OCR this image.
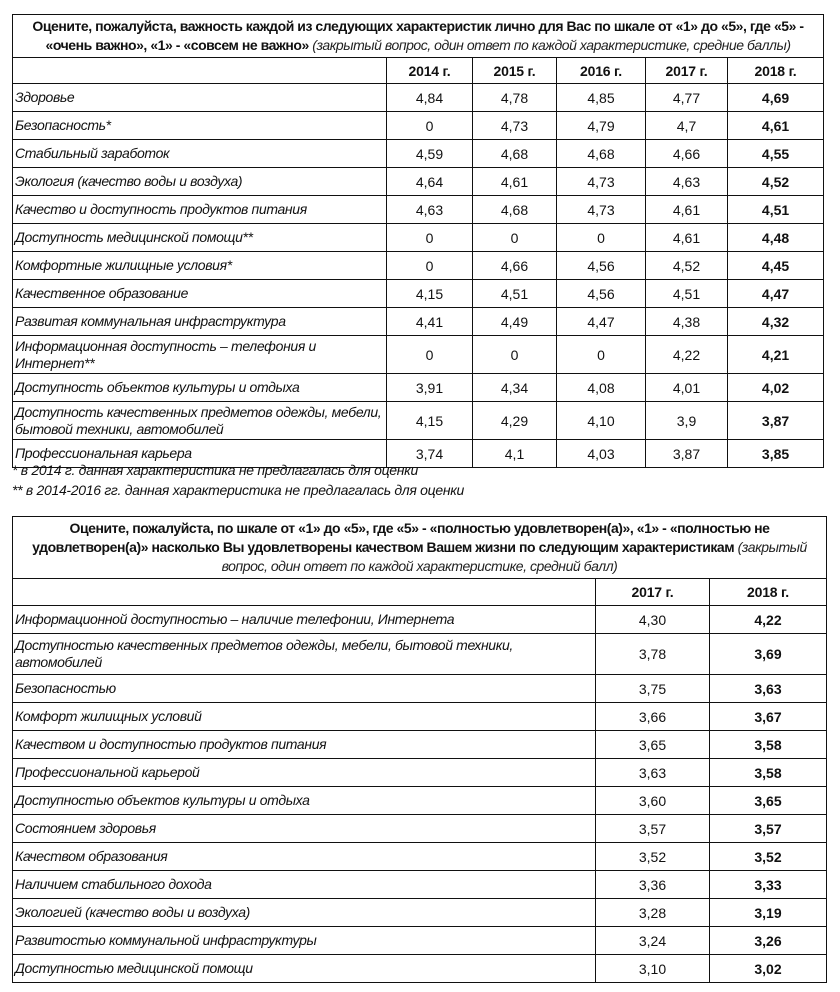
Оцените, пожалуйста, важность каждой из следующих характеристик лично для Вас по шкале от «1» до «5», где «5» - «очень важно», «1» - «совсем не важно» (закрытый вопрос, один ответ по каждой характеристике, средние баллы)					
	2014 г.	2015 г.	2016 г.	2017 г.	2018 г.
Здоровье	4,84	4,78	4,85	4,77	4,69
Безопасность*	0	4,73	4,79	4,7	4,61
Стабильный заработок	4,59	4,68	4,68	4,66	4,55
Экология (качество воды и воздуха)	4,64	4,61	4,73	4,63	4,52
Качество и доступность продуктов питания	4,63	4,68	4,73	4,61	4,51
Доступность медицинской помощи**	0	0	0	4,61	4,48
Комфортные жилищные условия*	0	4,66	4,56	4,52	4,45
Качественное образование	4,15	4,51	4,56	4,51	4,47
Развитая коммунальная инфраструктура	4,41	4,49	4,47	4,38	4,32
Информационная доступность – телефония и Интернет**	0	0	0	4,22	4,21
Доступность объектов культуры и отдыха	3,91	4,34	4,08	4,01	4,02
Доступность качественных предметов одежды, мебели, бытовой техники, автомобилей	4,15	4,29	4,10	3,9	3,87
Профессиональная карьера	3,74	4,1	4,03	3,87	3,85
* в 2014 г. данная характеристика не предлагалась для оценки
** в 2014-2016 гг. данная характеристика не предлагалась для оценки
Оцените, пожалуйста, по шкале от «1» до «5», где «5» - «полностью удовлетворен(а)», «1» - «полностью не удовлетворен(а)» насколько Вы удовлетворены качеством Вашем жизни по следующим характеристикам (закрытый вопрос, один ответ по каждой характеристике, средний балл)		
	2017 г.	2018 г.
Информационной доступностью – наличие телефонии, Интернета	4,30	4,22
Доступностью качественных предметов одежды, мебели, бытовой техники, автомобилей	3,78	3,69
Безопасностью	3,75	3,63
Комфорт жилищных условий	3,66	3,67
Качеством и доступностью продуктов питания	3,65	3,58
Профессиональной карьерой	3,63	3,58
Доступностью объектов культуры и отдыха	3,60	3,65
Состоянием здоровья	3,57	3,57
Качеством образования	3,52	3,52
Наличием стабильного дохода	3,36	3,33
Экологией (качество воды и воздуха)	3,28	3,19
Развитостью коммунальной инфраструктуры	3,24	3,26
Доступностью медицинской помощи	3,10	3,02
